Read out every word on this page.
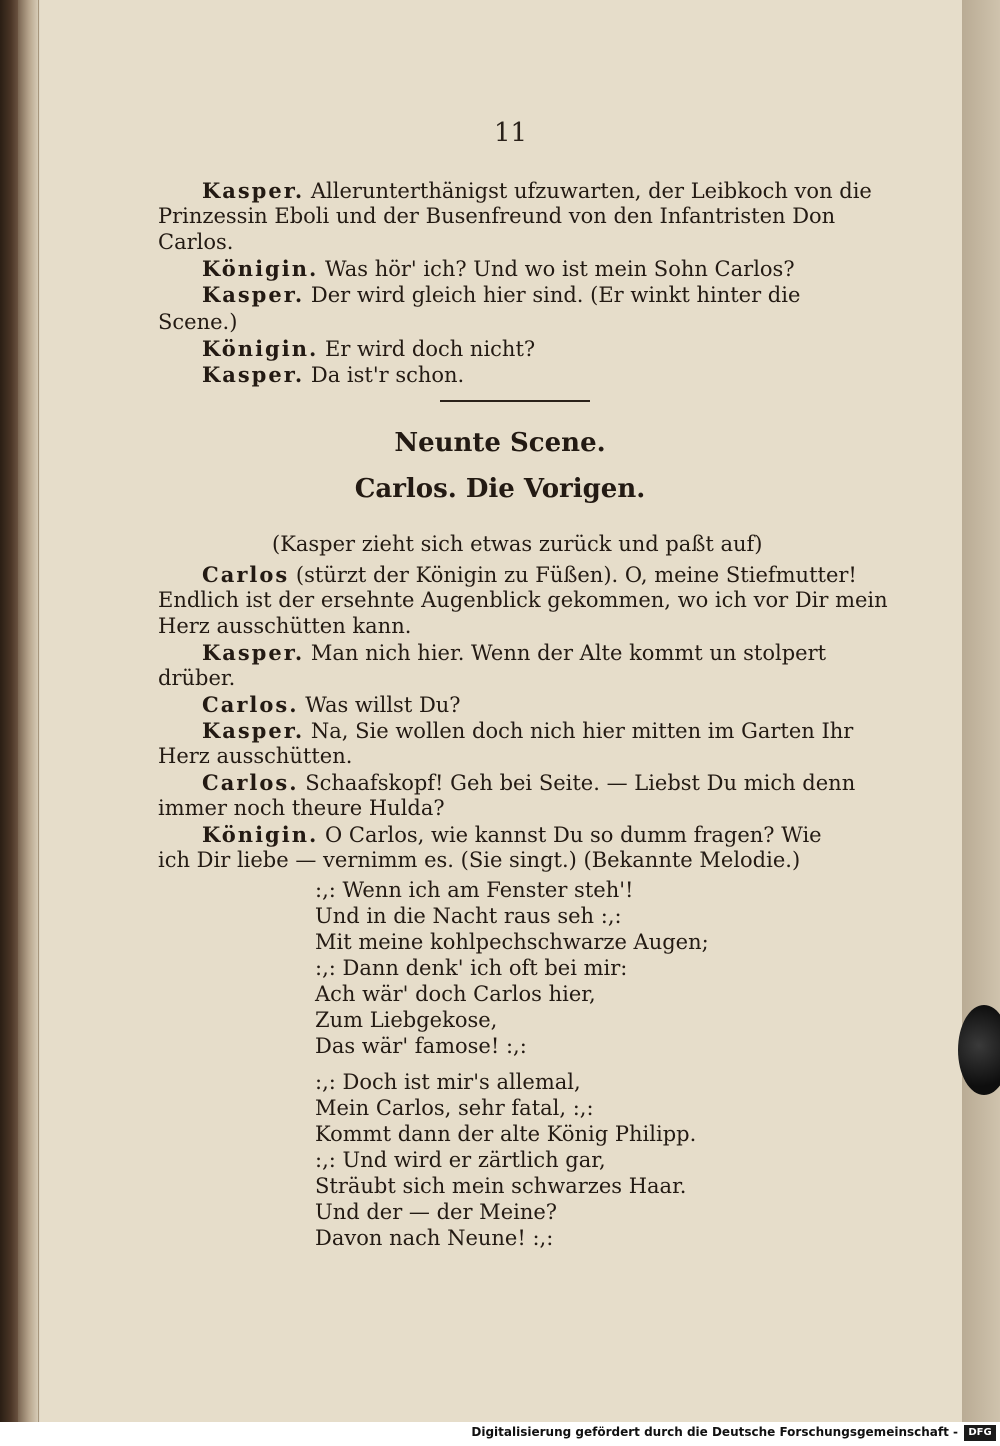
11
Kasper. Allerunterthänigst ufzuwarten, der Leibkoch von die
Prinzessin Eboli und der Busenfreund von den Infantristen Don
Carlos.
Königin. Was hör' ich? Und wo ist mein Sohn Carlos?
Kasper. Der wird gleich hier sind. (Er winkt hinter die
Scene.)
Königin. Er wird doch nicht?
Kasper. Da ist'r schon.
Neunte Scene.
Carlos. Die Vorigen.
(Kasper zieht sich etwas zurück und paßt auf)
Carlos (stürzt der Königin zu Füßen). O, meine Stiefmutter!
Endlich ist der ersehnte Augenblick gekommen, wo ich vor Dir mein
Herz ausschütten kann.
Kasper. Man nich hier. Wenn der Alte kommt un stolpert
drüber.
Carlos. Was willst Du?
Kasper. Na, Sie wollen doch nich hier mitten im Garten Ihr
Herz ausschütten.
Carlos. Schaafskopf! Geh bei Seite. — Liebst Du mich denn
immer noch theure Hulda?
Königin. O Carlos, wie kannst Du so dumm fragen? Wie
ich Dir liebe — vernimm es. (Sie singt.) (Bekannte Melodie.)
:,: Wenn ich am Fenster steh'!
Und in die Nacht raus seh :,:
Mit meine kohlpechschwarze Augen;
:,: Dann denk' ich oft bei mir:
Ach wär' doch Carlos hier,
Zum Liebgekose,
Das wär' famose! :,:
:,: Doch ist mir's allemal,
Mein Carlos, sehr fatal, :,:
Kommt dann der alte König Philipp.
:,: Und wird er zärtlich gar,
Sträubt sich mein schwarzes Haar.
Und der — der Meine?
Davon nach Neune! :,:
Digitalisierung gefördert durch die Deutsche Forschungsgemeinschaft -	DFG
